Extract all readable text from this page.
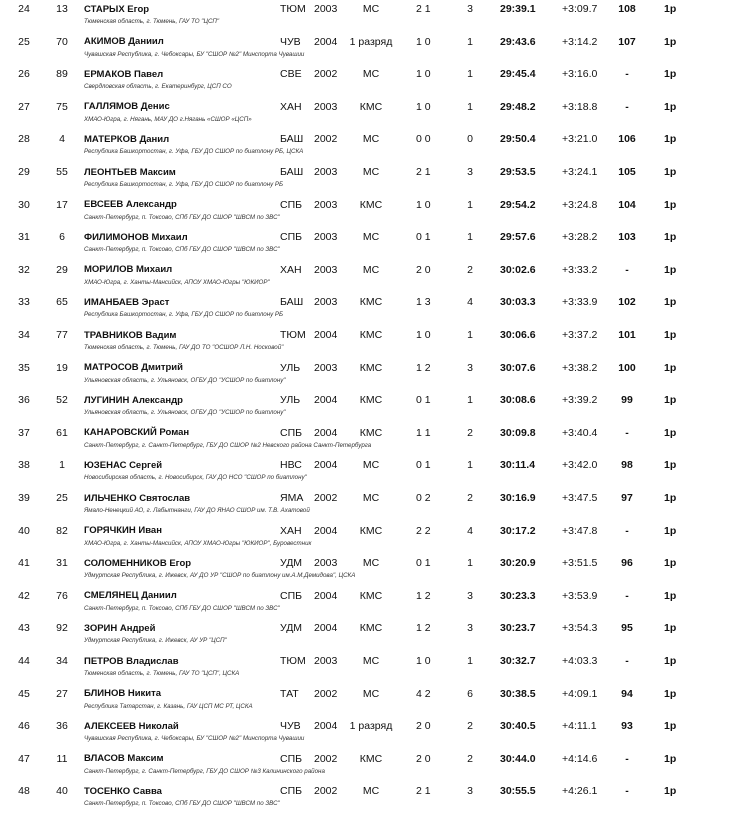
24	13	СТАРЫХ Егор	ТЮМ 2003	МС	2 1	3	29:39.1	+3:09.7	108	1р
Тюменская область, г. Тюмень, ГАУ ТО "ЦСП"
25	70	АКИМОВ Даниил	ЧУВ	2004	1 разряд 1 0	1	29:43.6	+3:14.2	107	1р
Чувашская Республика, г. Чебоксары, БУ "СШОР №2" Минспорта Чувашии
26	89	ЕРМАКОВ Павел	СВЕ	2002	МС	1 0	1	29:45.4	+3:16.0	-	1р
Свердловская область, г. Екатеринбург, ЦСП СО
27	75	ГАЛЛЯМОВ Денис	ХАН	2003	КМС	1 0	1	29:48.2	+3:18.8	-	1р
ХМАО-Югра, г. Нягань, МАУ ДО г.Нягань «СШОР «ЦСП»
28	4	МАТЕРКОВ Данил	БАШ	2002	МС	0 0	0	29:50.4	+3:21.0	106	1р
Республика Башкортостан, г. Уфа, ГБУ ДО СШОР по биатлону РБ, ЦСКА
29	55	ЛЕОНТЬЕВ Максим	БАШ	2003	МС	2 1	3	29:53.5	+3:24.1	105	1р
Республика Башкортостан, г. Уфа, ГБУ ДО СШОР по биатлону РБ
30	17	ЕВСЕЕВ Александр	СПБ	2003	КМС	1 0	1	29:54.2	+3:24.8	104	1р
Санкт-Петербург, п. Токсово, СПб ГБУ ДО СШОР "ШВСМ по ЗВС"
31	6	ФИЛИМОНОВ Михаил	СПБ	2003	МС	0 1	1	29:57.6	+3:28.2	103	1р
Санкт-Петербург, п. Токсово, СПб ГБУ ДО СШОР "ШВСМ по ЗВС"
32	29	МОРИЛОВ Михаил	ХАН	2003	МС	2 0	2	30:02.6	+3:33.2	-	1р
ХМАО-Югра, г. Ханты-Мансийск, АПОУ ХМАО-Югры "ЮКИОР"
33	65	ИМАНБАЕВ Эраст	БАШ	2003	КМС	1 3	4	30:03.3	+3:33.9	102	1р
Республика Башкортостан, г. Уфа, ГБУ ДО СШОР по биатлону РБ
34	77	ТРАВНИКОВ Вадим	ТЮМ 2004	КМС	1 0	1	30:06.6	+3:37.2	101	1р
Тюменская область, г. Тюмень, ГАУ ДО ТО "ОСШОР Л.Н. Носковой"
35	19	МАТРОСОВ Дмитрий	УЛЬ	2003	КМС	1 2	3	30:07.6	+3:38.2	100	1р
Ульяновская область, г. Ульяновск, ОГБУ ДО "УСШОР по биатлону"
36	52	ЛУГИНИН Александр	УЛЬ	2004	КМС	0 1	1	30:08.6	+3:39.2	99	1р
Ульяновская область, г. Ульяновск, ОГБУ ДО "УСШОР по биатлону"
37	61	КАНАРОВСКИЙ Роман	СПБ	2004	КМС	1 1	2	30:09.8	+3:40.4	-	1р
Санкт-Петербург, г. Санкт-Петербург, ГБУ ДО СШОР №2 Невского района Санкт-Петербурга
38	1	ЮЗЕНАС Сергей	НВС	2004	МС	0 1	1	30:11.4	+3:42.0	98	1р
Новосибирская область, г. Новосибирск, ГАУ ДО НСО "СШОР по биатлону"
39	25	ИЛЬЧЕНКО Святослав	ЯМА	2002	МС	0 2	2	30:16.9	+3:47.5	97	1р
Ямало-Ненецкий АО, г. Лабытнанги, ГАУ ДО ЯНАО СШОР им. Т.В. Ахатовой
40	82	ГОРЯЧКИН Иван	ХАН	2004	КМС	2 2	4	30:17.2	+3:47.8	-	1р
ХМАО-Югра, г. Ханты-Мансийск, АПОУ ХМАО-Югры "ЮКИОР", Буровестник
41	31	СОЛОМЕННИКОВ Егор	УДМ	2003	МС	0 1	1	30:20.9	+3:51.5	96	1р
Удмуртская Республика, г. Ижевск, АУ ДО УР "СШОР по биатлону им.А.М.Демидова", ЦСКА
42	76	СМЕЛЯНЕЦ Даниил	СПБ	2004	КМС	1 2	3	30:23.3	+3:53.9	-	1р
Санкт-Петербург, п. Токсово, СПб ГБУ ДО СШОР "ШВСМ по ЗВС"
43	92	ЗОРИН Андрей	УДМ	2004	КМС	1 2	3	30:23.7	+3:54.3	95	1р
Удмуртская Республика, г. Ижевск, АУ УР "ЦСП"
44	34	ПЕТРОВ Владислав	ТЮМ 2003	МС	1 0	1	30:32.7	+4:03.3	-	1р
Тюменская область, г. Тюмень, ГАУ ТО "ЦСП", ЦСКА
45	27	БЛИНОВ Никита	ТАТ	2002	МС	4 2	6	30:38.5	+4:09.1	94	1р
Республика Татарстан, г. Казань, ГАУ ЦСП МС РТ, ЦСКА
46	36	АЛЕКСЕЕВ Николай	ЧУВ	2004	1 разряд 2 0	2	30:40.5	+4:11.1	93	1р
Чувашская Республика, г. Чебоксары, БУ "СШОР №2" Минспорта Чувашии
47	11	ВЛАСОВ Максим	СПБ	2002	КМС	2 0	2	30:44.0	+4:14.6	-	1р
Санкт-Петербург, г. Санкт-Петербург, ГБУ ДО СШОР №3 Калининского района
48	40	ТОСЕНКО Савва	СПБ	2002	МС	2 1	3	30:55.5	+4:26.1	-	1р
Санкт-Петербург, п. Токсово, СПб ГБУ ДО СШОР "ШВСМ по ЗВС"
